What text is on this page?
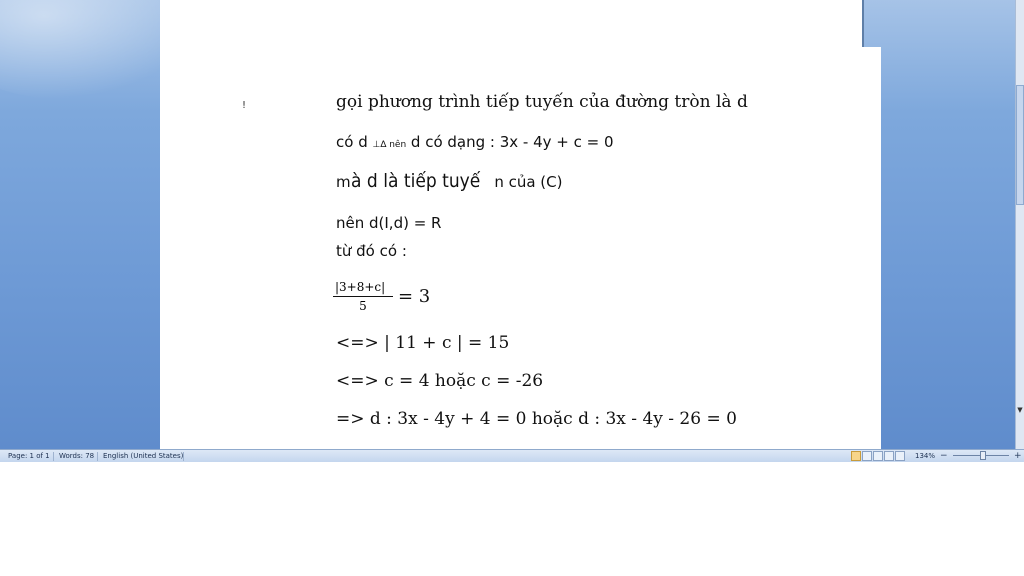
!	gọi phương trình tiếp tuyến của đường tròn là d
có d ⊥∆ nên d có dạng : 3x - 4y + c = 0
mà d là tiếp tuyế n của (C)
nên d(I,d) = R
từ đó có :
|3+8+c|
5	= 3
<=> | 11 + c | = 15
<=> c = 4 hoặc c = -26
=> d : 3x - 4y + 4 = 0 hoặc d : 3x - 4y - 26 = 0	▼
Page: 1 of 1	Words: 78	English (United States)	134% −	+
